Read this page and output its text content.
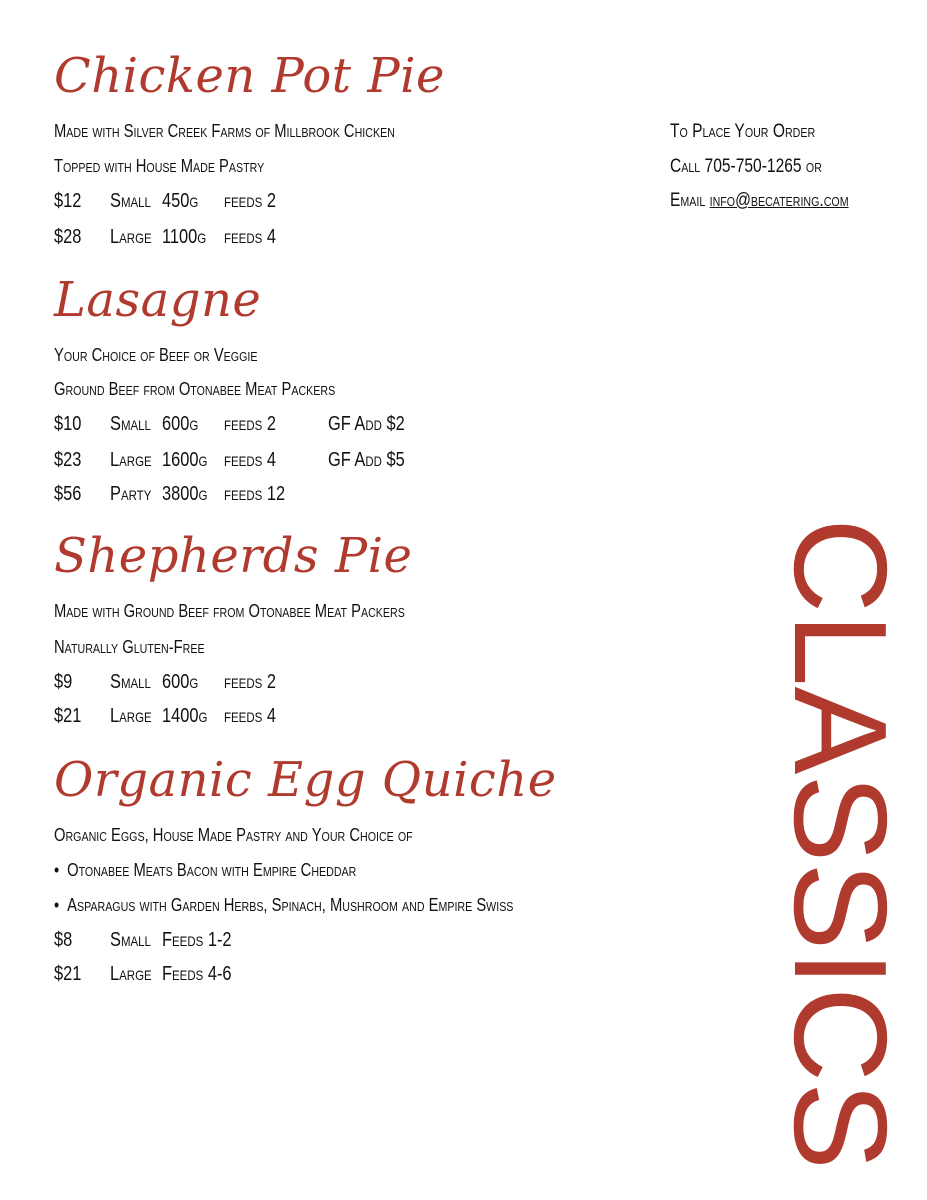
Chicken Pot Pie

Made with Silver Creek Farms of Millbrook Chicken

Topped with House Made Pastry

$12 Small 450g feeds 2
$28 Large 1100g feeds 4
Lasagne

Your Choice of Beef or Veggie

Ground Beef from Otonabee Meat Packers

$10 Small 600g feeds 2	GF Add $2
$23 Large 1600g feeds 4	GF Add $5
$56 Party 3800g feeds 12
Shepherds Pie

Made with Ground Beef from Otonabee Meat Packers

Naturally Gluten-Free

$9 Small 600g feeds 2
$21 Large 1400g feeds 4
Organic Egg Quiche

Organic Eggs, House Made Pastry and Your Choice of

• Otonabee Meats Bacon with Empire Cheddar

• Asparagus with Garden Herbs, Spinach, Mushroom and Empire Swiss

$8 Small Feeds 1-2
$21 Large Feeds 4-6

To Place Your Order

Call 705-750-1265 or

Email info@becatering.com

CLASSICS
